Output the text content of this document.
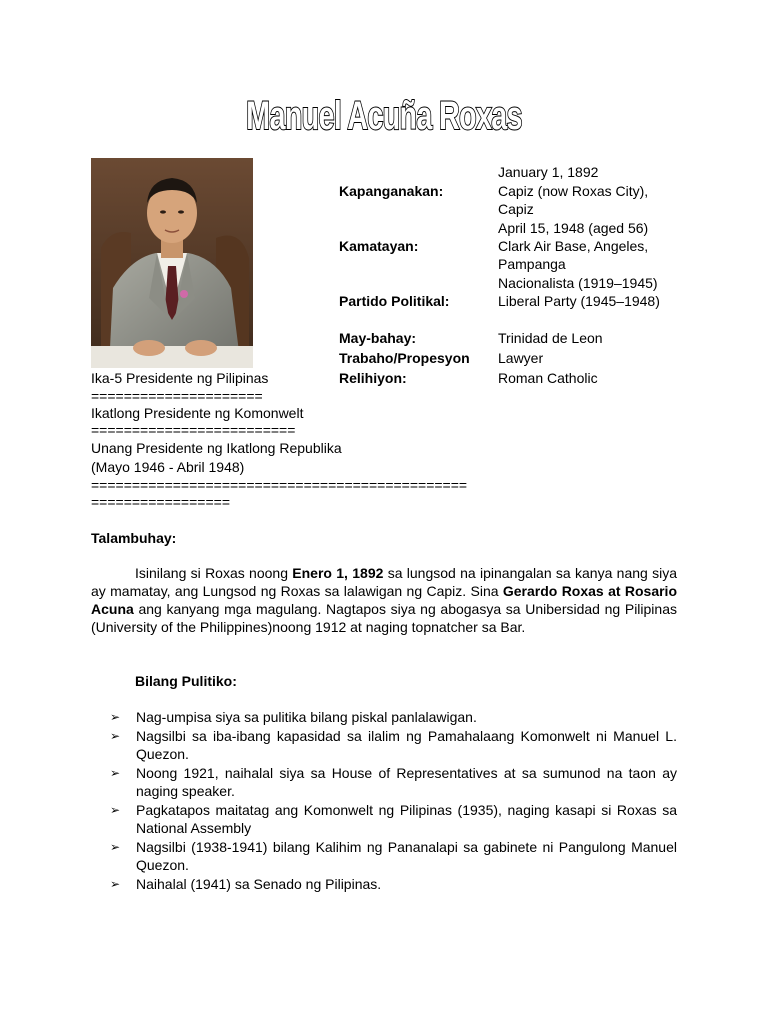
Manuel Acuña Roxas

January 1, 1892

Kapanganakan:	Capiz (now Roxas City), Capiz

April 15, 1948 (aged 56)

Kamatayan:	Clark Air Base, Angeles, Pampanga

Nacionalista (1919–1945)

Partido Politikal:	Liberal Party (1945–1948)

May-bahay:	Trinidad de Leon

Trabaho/Propesyon Lawyer

Relihiyon:	Roman Catholic

Ika-5 Presidente ng Pilipinas

=====================

Ikatlong Presidente ng Komonwelt

=========================

Unang Presidente ng Ikatlong Republika

(Mayo 1946 - Abril 1948)

==============================================

=================

Talambuhay:

Isinilang si Roxas noong Enero 1, 1892 sa lungsod na ipinangalan sa kanya nang siya ay mamatay, ang Lungsod ng Roxas sa lalawigan ng Capiz. Sina Gerardo Roxas at Rosario Acuna ang kanyang mga magulang. Nagtapos siya ng abogasya sa Unibersidad ng Pilipinas (University of the Philippines)noong 1912 at naging topnatcher sa Bar.

Bilang Pulitiko:

➢ Nag-umpisa siya sa pulitika bilang piskal panlalawigan.
➢ Nagsilbi sa iba-ibang kapasidad sa ilalim ng Pamahalaang Komonwelt ni Manuel L. Quezon.
➢ Noong 1921, naihalal siya sa House of Representatives at sa sumunod na taon ay naging speaker.
➢ Pagkatapos maitatag ang Komonwelt ng Pilipinas (1935), naging kasapi si Roxas sa National Assembly
➢ Nagsilbi (1938-1941) bilang Kalihim ng Pananalapi sa gabinete ni Pangulong Manuel Quezon.
➢ Naihalal (1941) sa Senado ng Pilipinas.
